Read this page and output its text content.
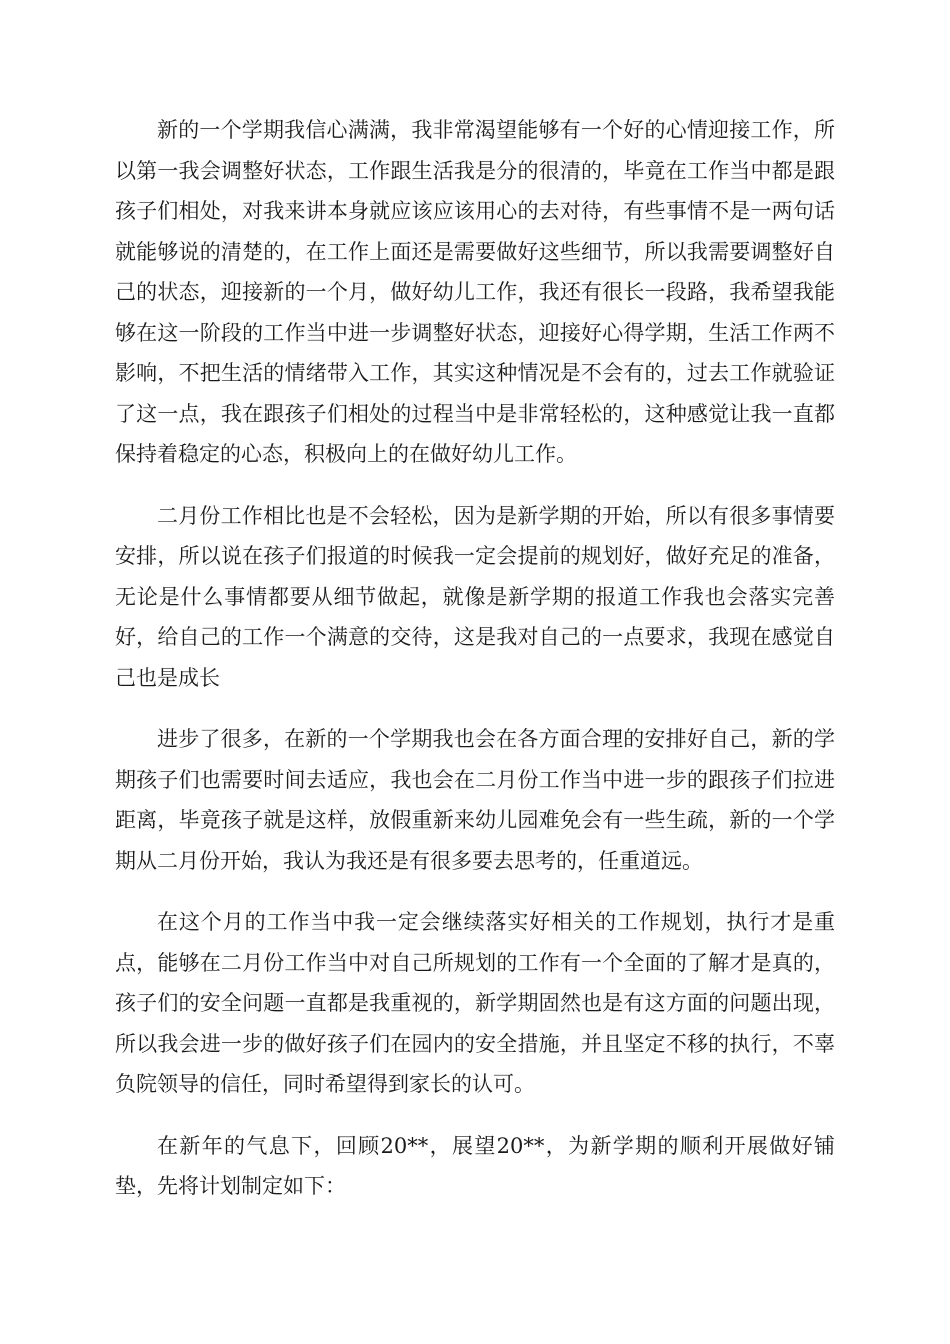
新的一个学期我信心满满，我非常渴望能够有一个好的心情迎接工作，所以第一我会调整好状态，工作跟生活我是分的很清的，毕竟在工作当中都是跟孩子们相处，对我来讲本身就应该应该用心的去对待，有些事情不是一两句话就能够说的清楚的，在工作上面还是需要做好这些细节，所以我需要调整好自己的状态，迎接新的一个月，做好幼儿工作，我还有很长一段路，我希望我能够在这一阶段的工作当中进一步调整好状态，迎接好心得学期，生活工作两不影响，不把生活的情绪带入工作，其实这种情况是不会有的，过去工作就验证了这一点，我在跟孩子们相处的过程当中是非常轻松的，这种感觉让我一直都保持着稳定的心态，积极向上的在做好幼儿工作。

二月份工作相比也是不会轻松，因为是新学期的开始，所以有很多事情要安排，所以说在孩子们报道的时候我一定会提前的规划好，做好充足的准备，无论是什么事情都要从细节做起，就像是新学期的报道工作我也会落实完善好，给自己的工作一个满意的交待，这是我对自己的一点要求，我现在感觉自己也是成长

进步了很多，在新的一个学期我也会在各方面合理的安排好自己，新的学期孩子们也需要时间去适应，我也会在二月份工作当中进一步的跟孩子们拉进距离，毕竟孩子就是这样，放假重新来幼儿园难免会有一些生疏，新的一个学期从二月份开始，我认为我还是有很多要去思考的，任重道远。

在这个月的工作当中我一定会继续落实好相关的工作规划，执行才是重点，能够在二月份工作当中对自己所规划的工作有一个全面的了解才是真的，孩子们的安全问题一直都是我重视的，新学期固然也是有这方面的问题出现，所以我会进一步的做好孩子们在园内的安全措施，并且坚定不移的执行，不辜负院领导的信任，同时希望得到家长的认可。

在新年的气息下，回顾20**，展望20**，为新学期的顺利开展做好铺垫，先将计划制定如下：
